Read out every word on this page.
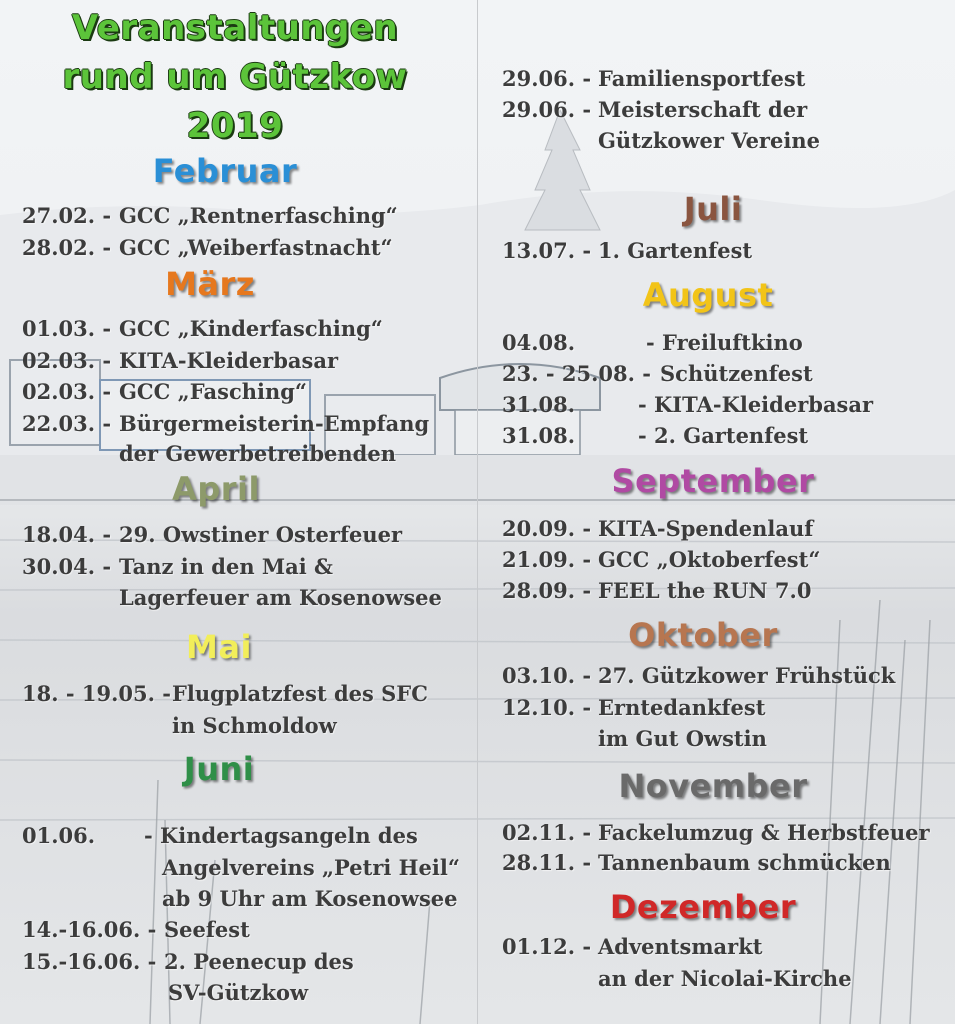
Veranstaltungen
rund um Gützkow
2019
Februar
27.02. - GCC „Rentnerfasching“
28.02. - GCC „Weiberfastnacht“
März
01.03. - GCC „Kinderfasching“
02.03. - KITA-Kleiderbasar
02.03. - GCC „Fasching“
22.03. - Bürgermeisterin-Empfang
der Gewerbetreibenden
April
18.04. - 29. Owstiner Osterfeuer
30.04. - Tanz in den Mai &
Lagerfeuer am Kosenowsee
Mai
18. - 19.05. - Flugplatzfest des SFC
in Schmoldow
Juni
01.06. - Kindertagsangeln des
Angelvereins „Petri Heil“
ab 9 Uhr am Kosenowsee
14.-16.06. - Seefest
15.-16.06. - 2. Peenecup des
SV-Gützkow
29.06. - Familiensportfest
29.06. - Meisterschaft der
Gützkower Vereine
Juli
13.07. - 1. Gartenfest
August
04.08.	- Freiluftkino
23. - 25.08. - Schützenfest
31.08.	- KITA-Kleiderbasar
31.08.	- 2. Gartenfest
September
20.09. - KITA-Spendenlauf
21.09. - GCC „Oktoberfest“
28.09. - FEEL the RUN 7.0
Oktober
03.10. - 27. Gützkower Frühstück
12.10. - Erntedankfest
im Gut Owstin
November
02.11. - Fackelumzug & Herbstfeuer
28.11. - Tannenbaum schmücken
Dezember
01.12. - Adventsmarkt
an der Nicolai-Kirche
